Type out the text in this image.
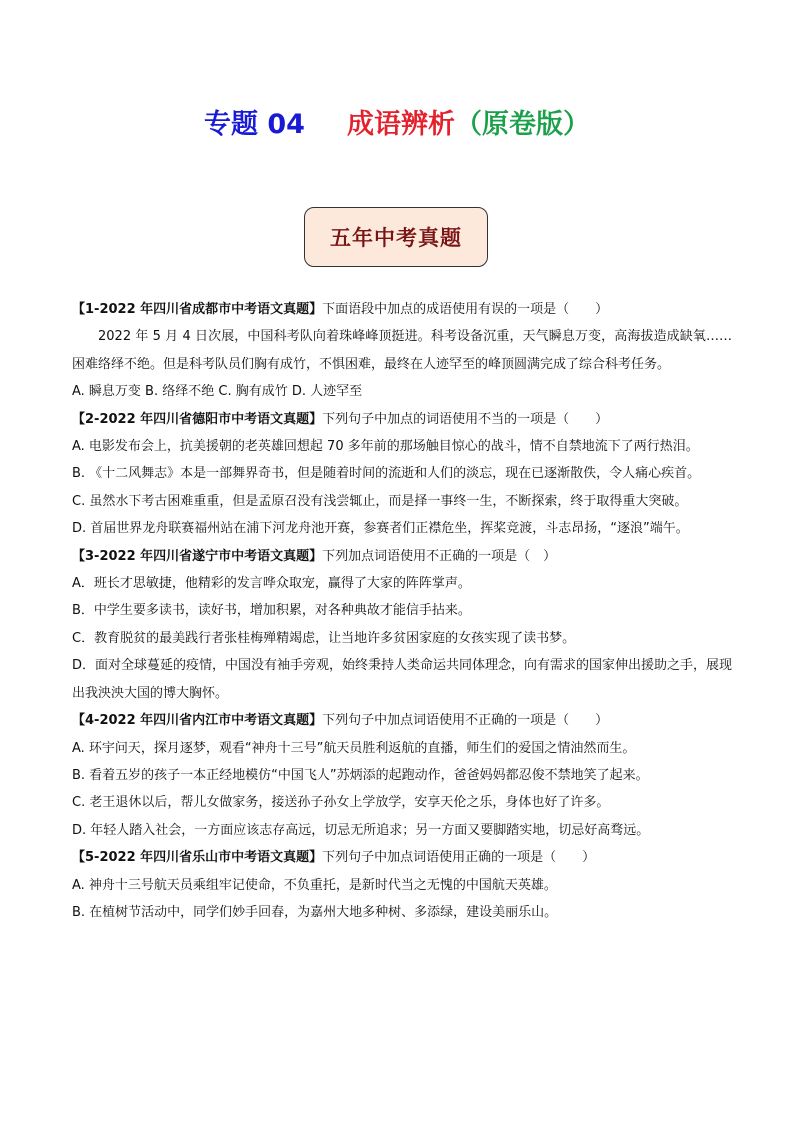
专题 04 成语辨析（原卷版）
五年中考真题

【1-2022 年四川省成都市中考语文真题】下面语段中加点的成语使用有误的一项是（　　）

2022 年 5 月 4 日次展，中国科考队向着珠峰峰顶挺进。科考设备沉重，天气瞬息万变，高海拔造成缺氧……困难络绎不绝。但是科考队员们胸有成竹，不惧困难，最终在人迹罕至的峰顶圆满完成了综合科考任务。

A. 瞬息万变 B. 络绎不绝 C. 胸有成竹 D. 人迹罕至

【2-2022 年四川省德阳市中考语文真题】下列句子中加点的词语使用不当的一项是（　　）

A. 电影发布会上，抗美援朝的老英雄回想起 70 多年前的那场触目惊心的战斗，情不自禁地流下了两行热泪。

B. 《十二风舞志》本是一部舞界奇书，但是随着时间的流逝和人们的淡忘，现在已逐渐散佚，令人痛心疾首。

C. 虽然水下考古困难重重，但是孟原召没有浅尝辄止，而是择一事终一生，不断探索，终于取得重大突破。

D. 首届世界龙舟联赛福州站在浦下河龙舟池开赛，参赛者们正襟危坐，挥桨竞渡，斗志昂扬，“逐浪”端午。

【3-2022 年四川省遂宁市中考语文真题】下列加点词语使用不正确的一项是（　）

A．班长才思敏捷，他精彩的发言哗众取宠，赢得了大家的阵阵掌声。

B．中学生要多读书，读好书，增加积累，对各种典故才能信手拈来。

C．教育脱贫的最美践行者张桂梅殚精竭虑，让当地许多贫困家庭的女孩实现了读书梦。

D．面对全球蔓延的疫情，中国没有袖手旁观，始终秉持人类命运共同体理念，向有需求的国家伸出援助之手，展现出我泱泱大国的博大胸怀。

【4-2022 年四川省内江市中考语文真题】下列句子中加点词语使用不正确的一项是（　　）

A. 环宇问天，探月逐梦，观看“神舟十三号”航天员胜利返航的直播，师生们的爱国之情油然而生。

B. 看着五岁的孩子一本正经地模仿“中国飞人”苏炳添的起跑动作，爸爸妈妈都忍俊不禁地笑了起来。

C. 老王退休以后，帮儿女做家务，接送孙子孙女上学放学，安享天伦之乐，身体也好了许多。

D. 年轻人踏入社会，一方面应该志存高远，切忌无所追求；另一方面又要脚踏实地，切忌好高骛远。

【5-2022 年四川省乐山市中考语文真题】下列句子中加点词语使用正确的一项是（　　）

A. 神舟十三号航天员乘组牢记使命，不负重托，是新时代当之无愧的中国航天英雄。

B. 在植树节活动中，同学们妙手回春，为嘉州大地多种树、多添绿，建设美丽乐山。
